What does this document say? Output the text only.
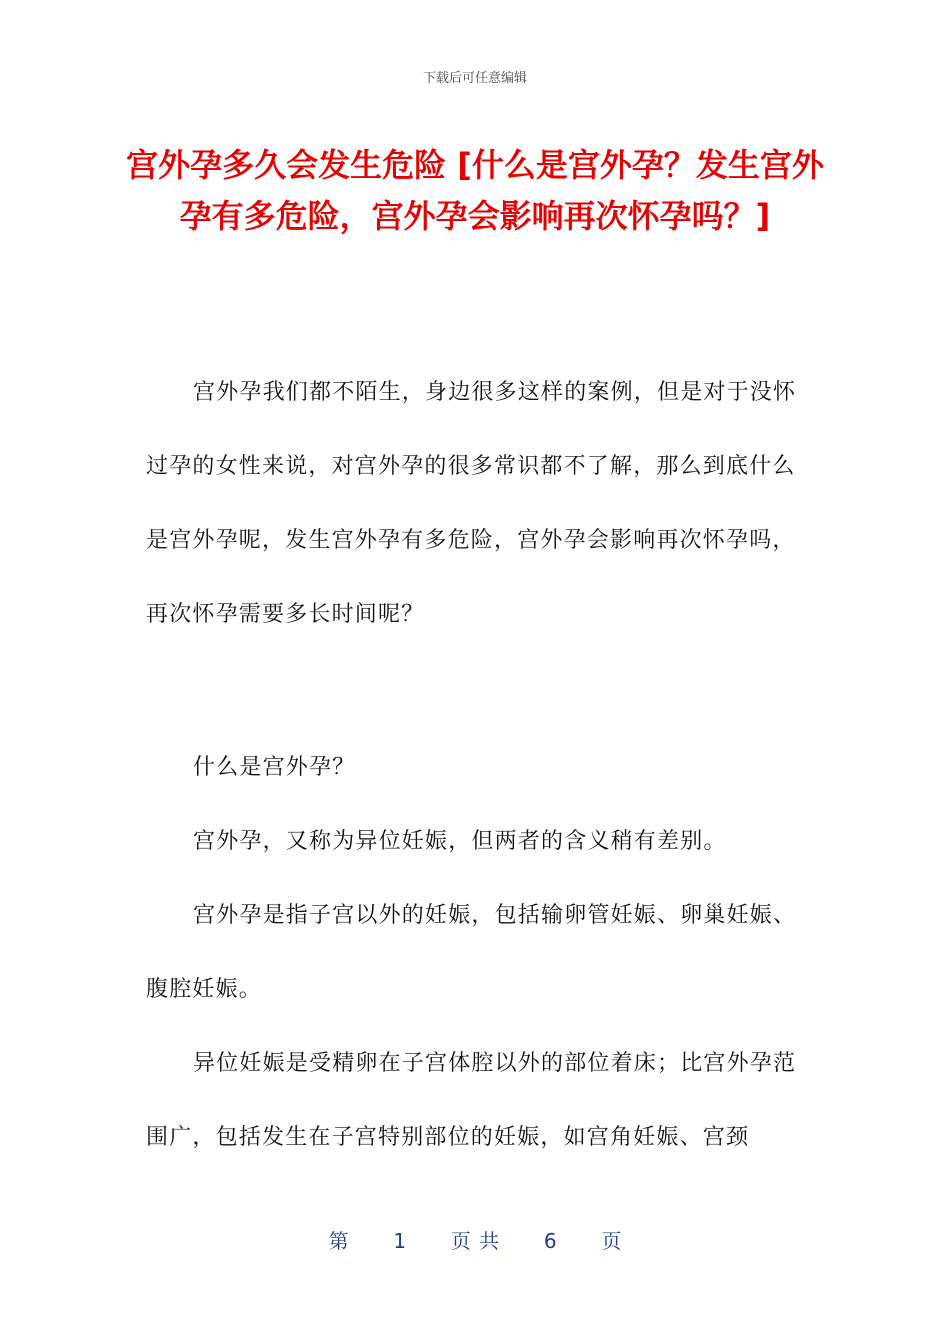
下载后可任意编辑
宫外孕多久会发生危险 [什么是宫外孕？发生宫外孕有多危险，宫外孕会影响再次怀孕吗？]

宫外孕我们都不陌生，身边很多这样的案例，但是对于没怀过孕的女性来说，对宫外孕的很多常识都不了解，那么到底什么是宫外孕呢，发生宫外孕有多危险，宫外孕会影响再次怀孕吗，再次怀孕需要多长时间呢？

什么是宫外孕？

宫外孕，又称为异位妊娠，但两者的含义稍有差别。

宫外孕是指子宫以外的妊娠，包括输卵管妊娠、卵巢妊娠、腹腔妊娠。

异位妊娠是受精卵在子宫体腔以外的部位着床；比宫外孕范围广，包括发生在子宫特别部位的妊娠，如宫角妊娠、宫颈

第 1 页 共 6 页
